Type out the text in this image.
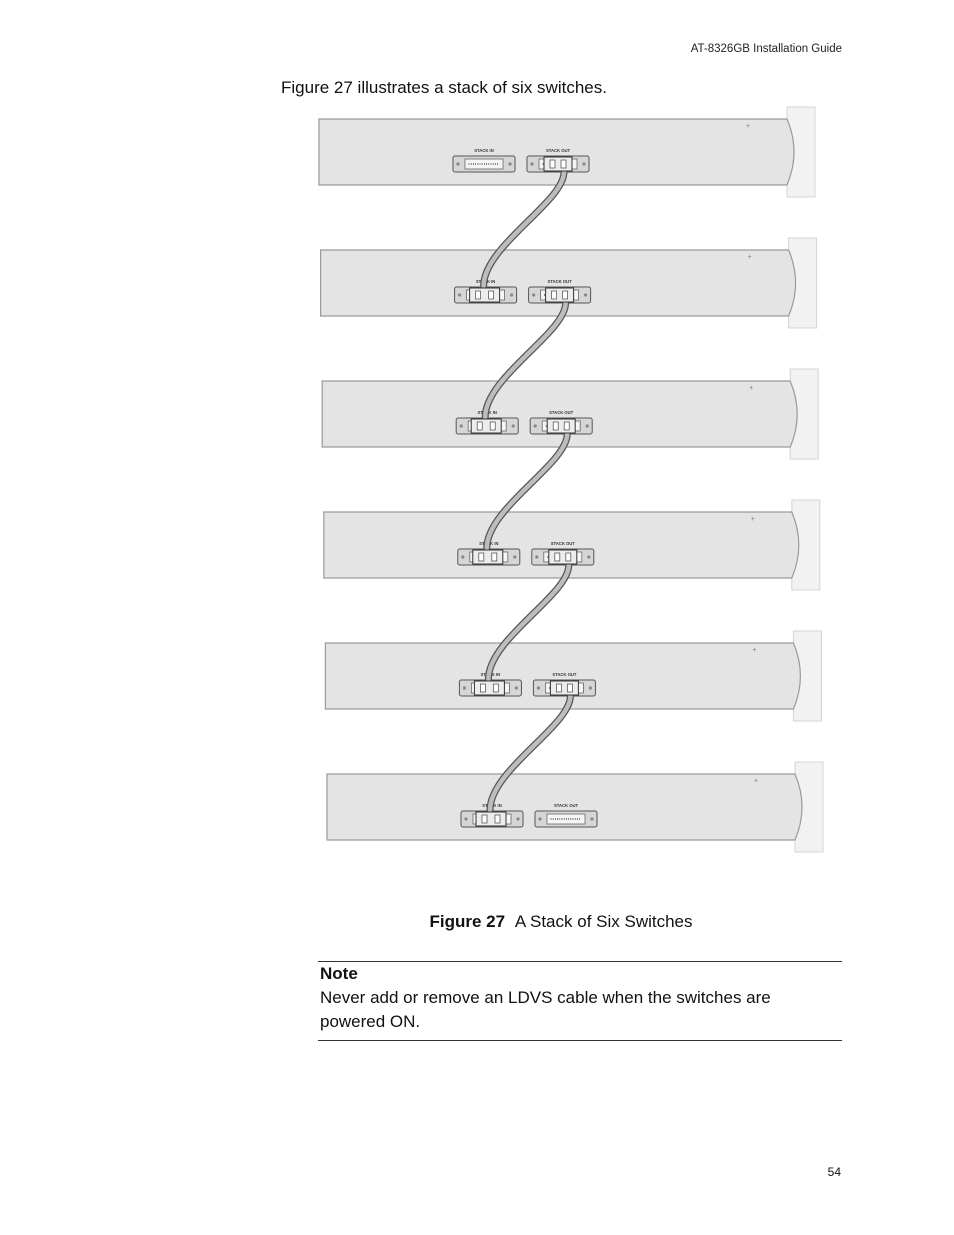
AT-8326GB Installation Guide
Figure 27 illustrates a stack of six switches.
+
STACK IN	STACK OUT
+
STACK IN	STACK OUT
+
STACK IN	STACK OUT
+
STACK IN	STACK OUT
+
STACK IN	STACK OUT
+
STACK IN	STACK OUT
Figure 27 A Stack of Six Switches

Note

Never add or remove an LDVS cable when the switches are powered ON.

54
